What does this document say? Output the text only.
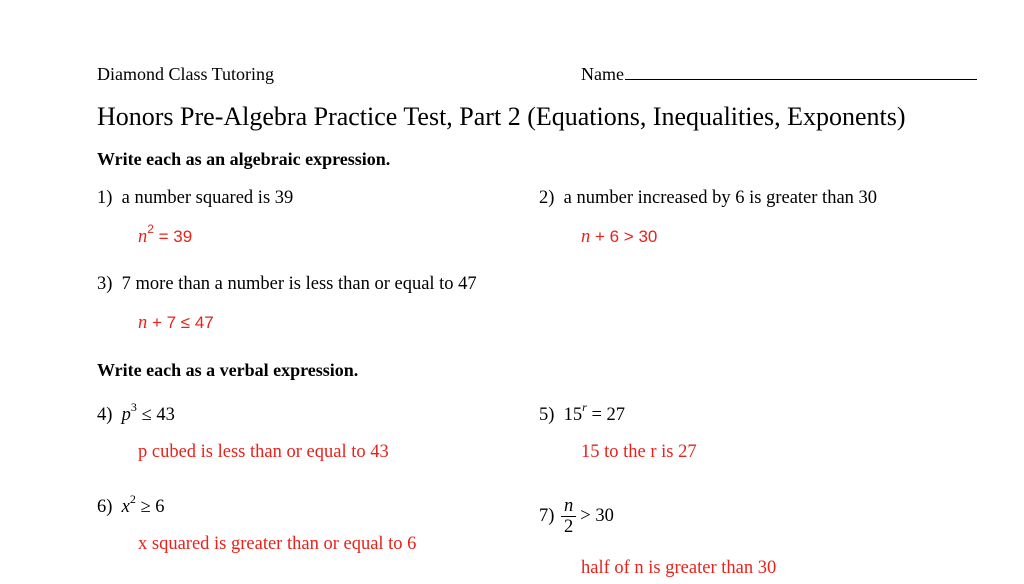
Diamond Class Tutoring	Name
Honors Pre-Algebra Practice Test, Part 2 (Equations, Inequalities, Exponents)
Write each as an algebraic expression.
1) a number squared is 39
$n^2 = 39$
2) a number increased by 6 is greater than 30
n + 6 > 30
3) 7 more than a number is less than or equal to 47
n + 7 ≤ 47
Write each as a verbal expression.
4) $p^3 \le 43$
p cubed is less than or equal to 43
5) $15^r = 27$
15 to the r is 27
6) $x^2 \ge 6$
x squared is greater than or equal to 6
7)
$\frac{n}{2} > 30$
half of n is greater than 30
